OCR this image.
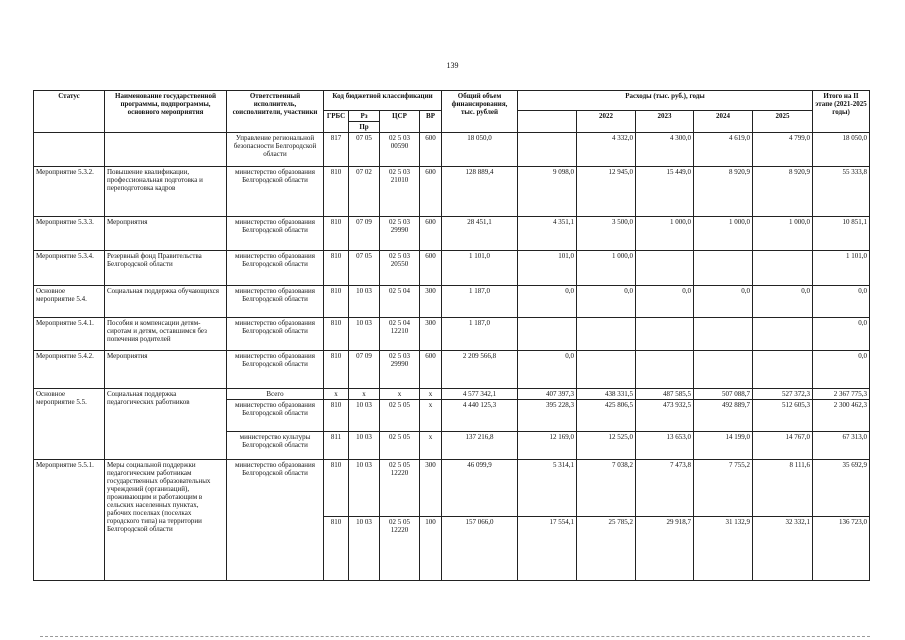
139
Статус	Наименование государственной программы, подпрограммы, основного мероприятия	Ответственный исполнитель, соисполнители, участники	Код бюджетной классификации				Общий объем финансирования, тыс. рублей	Расходы (тыс. руб.), годы					Итого на II этапе (2021-2025 годы)
			ГРБС	Рз	ЦСР	ВР			2022	2023	2024	2025	
				Пр									
		Управление региональной безопасности Белгородской области	817	07 05	02 5 03 00590	600	18 050,0		4 332,0	4 300,0	4 619,0	4 799,0	18 050,0
Мероприятие 5.3.2.	Повышение квалификации, профессиональная подготовка и переподготовка кадров	министерство образования Белгородской области	810	07 02	02 5 03 21010	600	128 889,4	9 098,0	12 945,0	15 449,0	8 920,9	8 920,9	55 333,8
Мероприятие 5.3.3.	Мероприятия	министерство образования Белгородской области	810	07 09	02 5 03 29990	600	28 451,1	4 351,1	3 500,0	1 000,0	1 000,0	1 000,0	10 851,1
Мероприятие 5.3.4.	Резервный фонд Правительства Белгородской области	министерство образования Белгородской области	810	07 05	02 5 03 20550	600	1 101,0	101,0	1 000,0				1 101,0
Основное мероприятие 5.4.	Социальная поддержка обучающихся	министерство образования Белгородской области	810	10 03	02 5 04	300	1 187,0	0,0	0,0	0,0	0,0	0,0	0,0
Мероприятие 5.4.1.	Пособия и компенсации детям-сиротам и детям, оставшимся без попечения родителей	министерство образования Белгородской области	810	10 03	02 5 04 12210	300	1 187,0						0,0
Мероприятие 5.4.2.	Мероприятия	министерство образования Белгородской области	810	07 09	02 5 03 29990	600	2 209 566,8	0,0					0,0
Основное мероприятие 5.5.	Социальная поддержка педагогических работников	Всего	х	х	х	х	4 577 342,1	407 397,3	438 331,5	487 585,5	507 088,7	527 372,3	2 367 775,3
		министерство образования Белгородской области	810	10 03	02 5 05	х	4 440 125,3	395 228,3	425 806,5	473 932,5	492 889,7	512 605,3	2 300 462,3
		министерство культуры Белгородской области	811	10 03	02 5 05	х	137 216,8	12 169,0	12 525,0	13 653,0	14 199,0	14 767,0	67 313,0
Мероприятие 5.5.1.	Меры социальной поддержки педагогическим работникам государственных образовательных учреждений (организаций), проживающим и работающим в сельских населенных пунктах, рабочих поселках (поселках городского типа) на территории Белгородской области	министерство образования Белгородской области	810	10 03	02 5 05 12220	300	46 099,9	5 314,1	7 038,2	7 473,8	7 755,2	8 111,6	35 692,9
			810	10 03	02 5 05 12220	100	157 066,0	17 554,1	25 785,2	29 918,7	31 132,9	32 332,1	136 723,0
